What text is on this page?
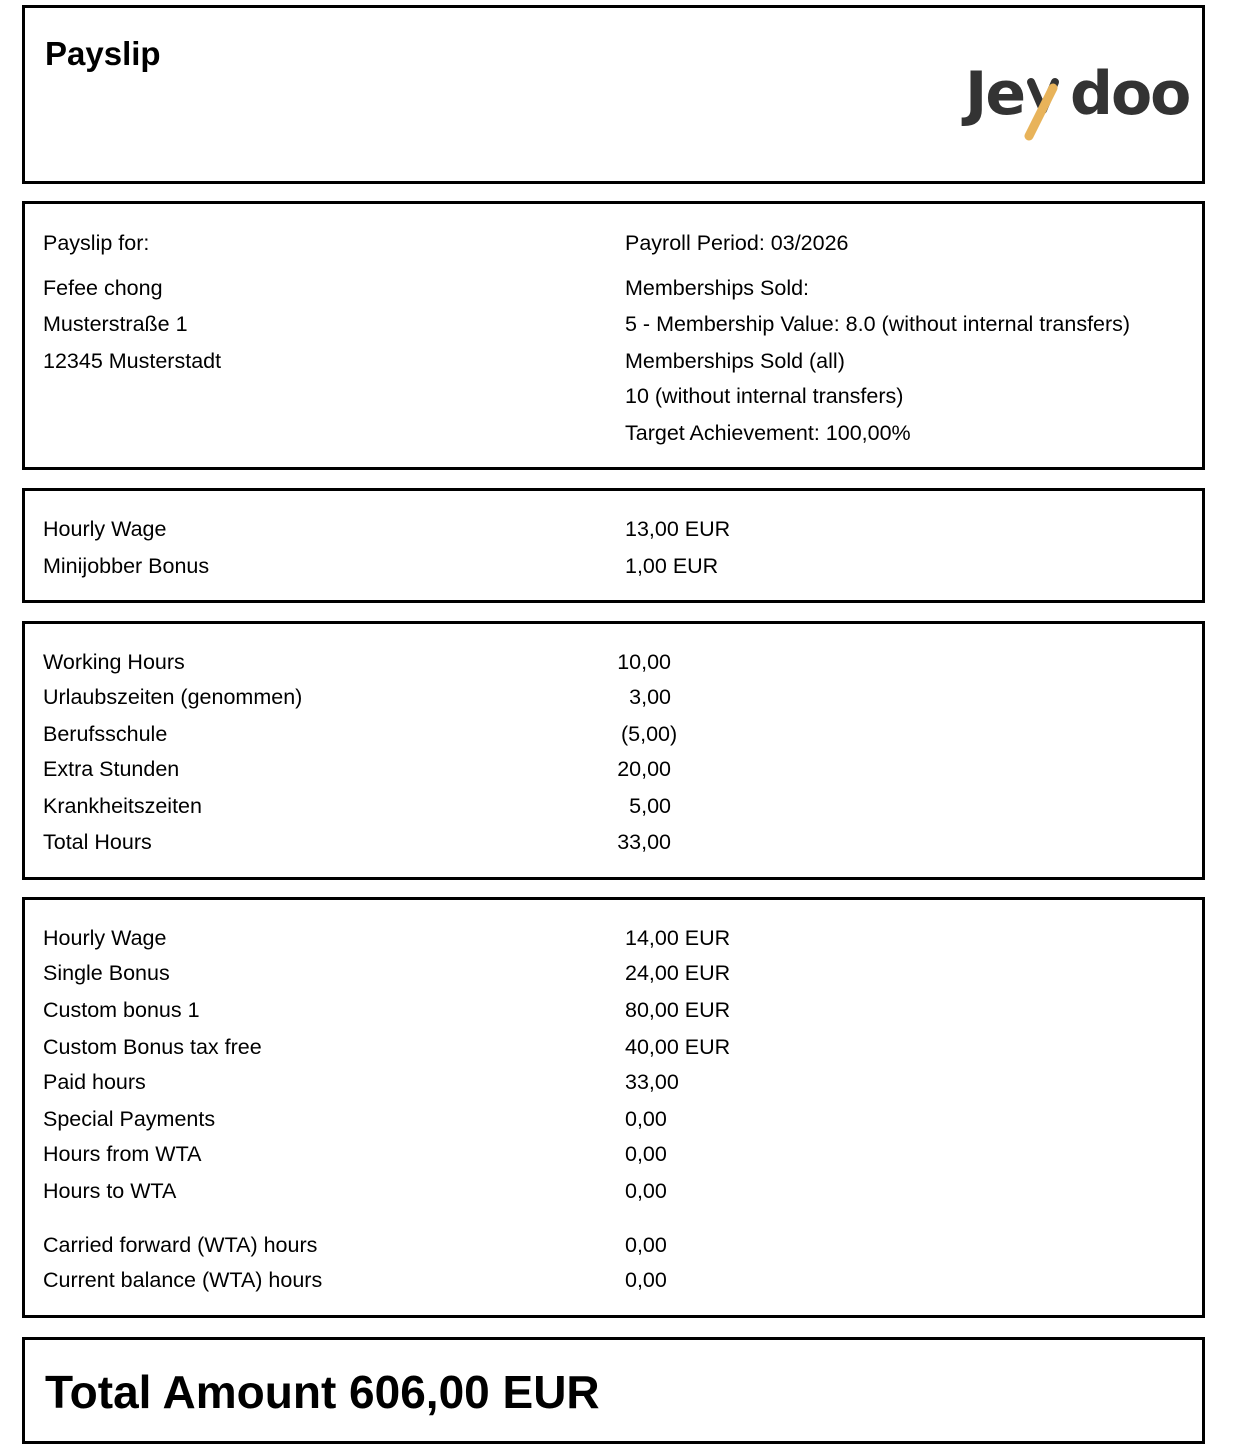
Payslip
Je doo
Payslip for:
Fefee chong
Musterstraße 1
12345 Musterstadt
Payroll Period: 03/2026
Memberships Sold:
5 - Membership Value: 8.0 (without internal transfers)
Memberships Sold (all)
10 (without internal transfers)
Target Achievement: 100,00%
Hourly Wage	13,00 EUR
Minijobber Bonus	1,00 EUR
Working Hours	10,00
Urlaubszeiten (genommen)	3,00
Berufsschule	(5,00)
Extra Stunden	20,00
Krankheitszeiten	5,00
Total Hours	33,00
Hourly Wage	14,00 EUR
Single Bonus	24,00 EUR
Custom bonus 1	80,00 EUR
Custom Bonus tax free	40,00 EUR
Paid hours	33,00
Special Payments	0,00
Hours from WTA	0,00
Hours to WTA	0,00
Carried forward (WTA) hours	0,00
Current balance (WTA) hours	0,00
Total Amount 606,00 EUR
